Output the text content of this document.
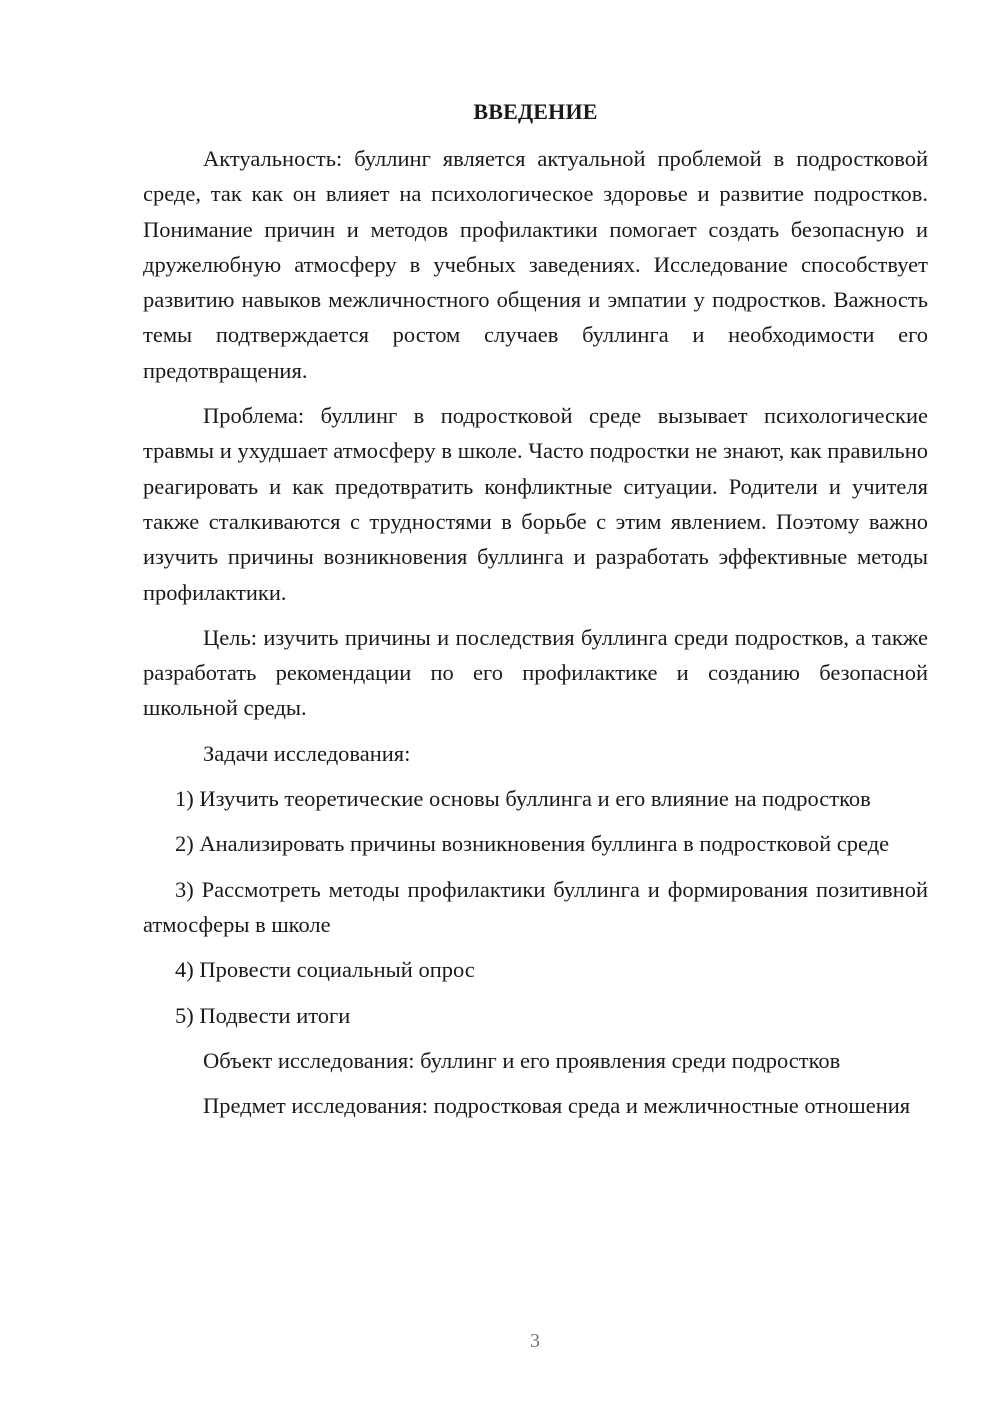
ВВЕДЕНИЕ

Актуальность: буллинг является актуальной проблемой в подростковой среде, так как он влияет на психологическое здоровье и развитие подростков. Понимание причин и методов профилактики помогает создать безопасную и дружелюбную атмосферу в учебных заведениях. Исследование способствует развитию навыков межличностного общения и эмпатии у подростков. Важность темы подтверждается ростом случаев буллинга и необходимости его предотвращения.

Проблема: буллинг в подростковой среде вызывает психологические травмы и ухудшает атмосферу в школе. Часто подростки не знают, как правильно реагировать и как предотвратить конфликтные ситуации. Родители и учителя также сталкиваются с трудностями в борьбе с этим явлением. Поэтому важно изучить причины возникновения буллинга и разработать эффективные методы профилактики.

Цель: изучить причины и последствия буллинга среди подростков, а также разработать рекомендации по его профилактике и созданию безопасной школьной среды.

Задачи исследования:

1) Изучить теоретические основы буллинга и его влияние на подростков

2) Анализировать причины возникновения буллинга в подростковой среде

3) Рассмотреть методы профилактики буллинга и формирования позитивной атмосферы в школе

4) Провести социальный опрос

5) Подвести итоги

Объект исследования: буллинг и его проявления среди подростков

Предмет исследования: подростковая среда и межличностные отношения

3
